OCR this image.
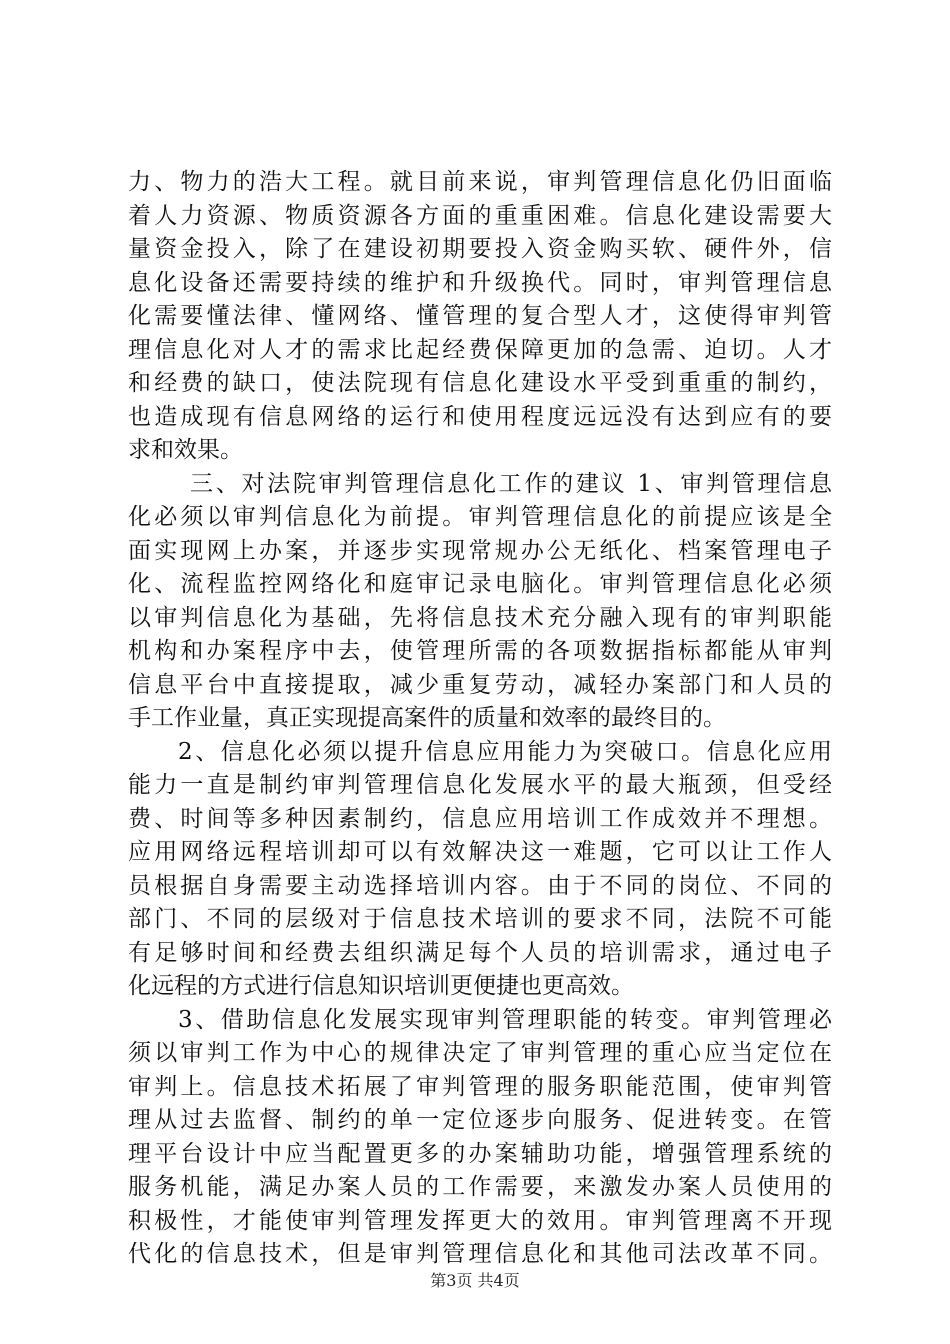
力、物力的浩大工程。就目前来说，审判管理信息化仍旧面临
着人力资源、物质资源各方面的重重困难。信息化建设需要大
量资金投入，除了在建设初期要投入资金购买软、硬件外，信
息化设备还需要持续的维护和升级换代。同时，审判管理信息
化需要懂法律、懂网络、懂管理的复合型人才，这使得审判管
理信息化对人才的需求比起经费保障更加的急需、迫切。人才
和经费的缺口，使法院现有信息化建设水平受到重重的制约，
也造成现有信息网络的运行和使用程度远远没有达到应有的要
求和效果。
三、对法院审判管理信息化工作的建议 1、审判管理信息
化必须以审判信息化为前提。审判管理信息化的前提应该是全
面实现网上办案，并逐步实现常规办公无纸化、档案管理电子
化、流程监控网络化和庭审记录电脑化。审判管理信息化必须
以审判信息化为基础，先将信息技术充分融入现有的审判职能
机构和办案程序中去，使管理所需的各项数据指标都能从审判
信息平台中直接提取，减少重复劳动，减轻办案部门和人员的
手工作业量，真正实现提高案件的质量和效率的最终目的。
2、信息化必须以提升信息应用能力为突破口。信息化应用
能力一直是制约审判管理信息化发展水平的最大瓶颈，但受经
费、时间等多种因素制约，信息应用培训工作成效并不理想。
应用网络远程培训却可以有效解决这一难题，它可以让工作人
员根据自身需要主动选择培训内容。由于不同的岗位、不同的
部门、不同的层级对于信息技术培训的要求不同，法院不可能
有足够时间和经费去组织满足每个人员的培训需求，通过电子
化远程的方式进行信息知识培训更便捷也更高效。
3、借助信息化发展实现审判管理职能的转变。审判管理必
须以审判工作为中心的规律决定了审判管理的重心应当定位在
审判上。信息技术拓展了审判管理的服务职能范围，使审判管
理从过去监督、制约的单一定位逐步向服务、促进转变。在管
理平台设计中应当配置更多的办案辅助功能，增强管理系统的
服务机能，满足办案人员的工作需要，来激发办案人员使用的
积极性，才能使审判管理发挥更大的效用。审判管理离不开现
代化的信息技术，但是审判管理信息化和其他司法改革不同。
第3页 共4页
